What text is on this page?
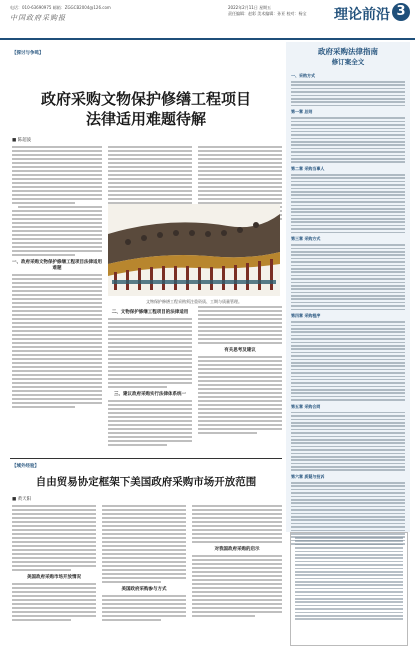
电话：010-63690975 邮箱：ZGGCB2004@126.com
中国政府采购报
2022年2月11日 星期五
责任编辑：赵彩 美术编辑：孙亚 校对：杨宝 理论前沿 3
【探讨与争鸣】
政府采购文物保护修缮工程项目
法律适用难题待解
■ 陈超波
一、政府采购文物保护修缮工程项目法律适用难题
文物保护修缮工程采购须注重资质、工期与质量管理。
二、文物保护修缮工程项目的法律适用
三、建议政府采购实行法律体系统一
有关思考及建议
政府采购法律指南
修订案全文
一、采购方式
第一章 总则
第二章 采购当事人
第三章 采购方式
第四章 采购程序
第五章 采购合同
第六章 质疑与投诉
【域外经验】
自由贸易协定框架下美国政府采购市场开放范围
■ 黄天阳
美国政府采购市场开放情况
美国政府采购参与方式
对我国政府采购的启示
